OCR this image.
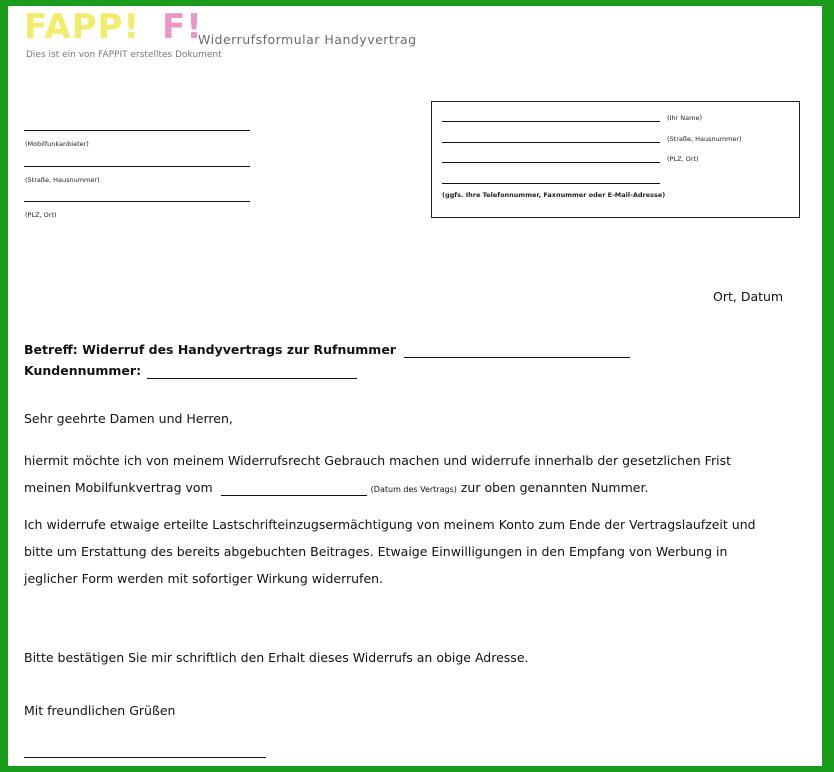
FAPP! F!
Widerrufsformular Handyvertrag
Dies ist ein von FAPPIT erstelltes Dokument
(Mobilfunkanbieter)
(Straße, Hausnummer)
(PLZ, Ort)
(Ihr Name)
(Straße, Hausnummer)
(PLZ, Ort)
(ggfs. Ihre Telefonnummer, Faxnummer oder E-Mail-Adresse)
Ort, Datum
Betreff: Widerruf des Handyvertrags zur Rufnummer
Kundennummer:
Sehr geehrte Damen und Herren,
hiermit möchte ich von meinem Widerrufsrecht Gebrauch machen und widerrufe innerhalb der gesetzlichen Frist
meinen Mobilfunkvertrag vom	(Datum des Vertrags) zur oben genannten Nummer.
Ich widerrufe etwaige erteilte Lastschrifteinzugsermächtigung von meinem Konto zum Ende der Vertragslaufzeit und
bitte um Erstattung des bereits abgebuchten Beitrages. Etwaige Einwilligungen in den Empfang von Werbung in
jeglicher Form werden mit sofortiger Wirkung widerrufen.
Bitte bestätigen Sie mir schriftlich den Erhalt dieses Widerrufs an obige Adresse.
Mit freundlichen Grüßen
